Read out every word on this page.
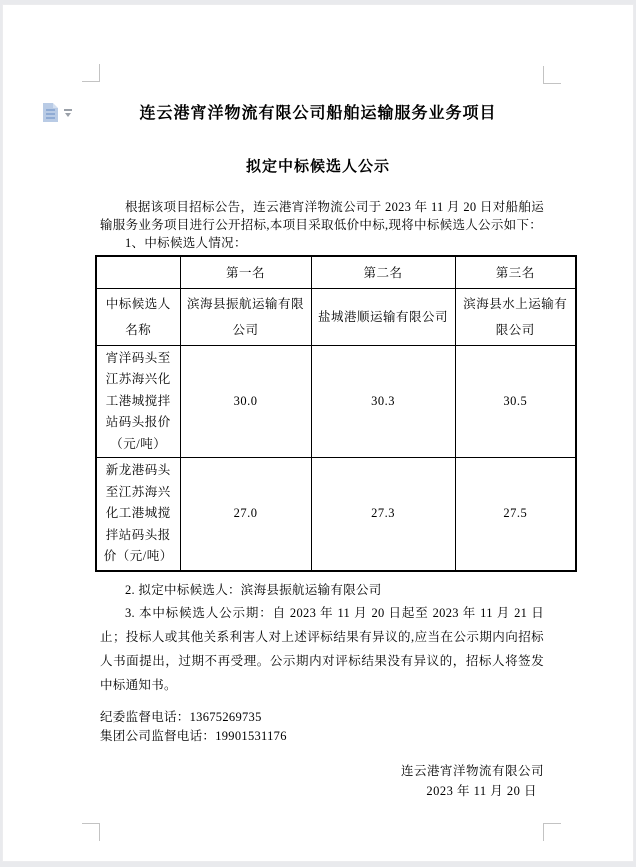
连云港宵洋物流有限公司船舶运输服务业务项目
拟定中标候选人公示

根据该项目招标公告，连云港宵洋物流公司于 2023 年 11 月 20 日对船舶运输服务业务项目进行公开招标,本项目采取低价中标,现将中标候选人公示如下：

1、中标候选人情况：

	第一名	第二名	第三名
中标候选人名称	滨海县振航运输有限公司	盐城港顺运输有限公司	滨海县水上运输有限公司
宵洋码头至江苏海兴化工港城搅拌站码头报价（元/吨）	30.0	30.3	30.5
新龙港码头至江苏海兴化工港城搅拌站码头报价（元/吨）	27.0	27.3	27.5

2. 拟定中标候选人：滨海县振航运输有限公司

3. 本中标候选人公示期：自 2023 年 11 月 20 日起至 2023 年 11 月 21 日止；投标人或其他关系利害人对上述评标结果有异议的,应当在公示期内向招标人书面提出，过期不再受理。公示期内对评标结果没有异议的，招标人将签发中标通知书。

纪委监督电话：13675269735
集团公司监督电话：19901531176
连云港宵洋物流有限公司
2023 年 11 月 20 日
